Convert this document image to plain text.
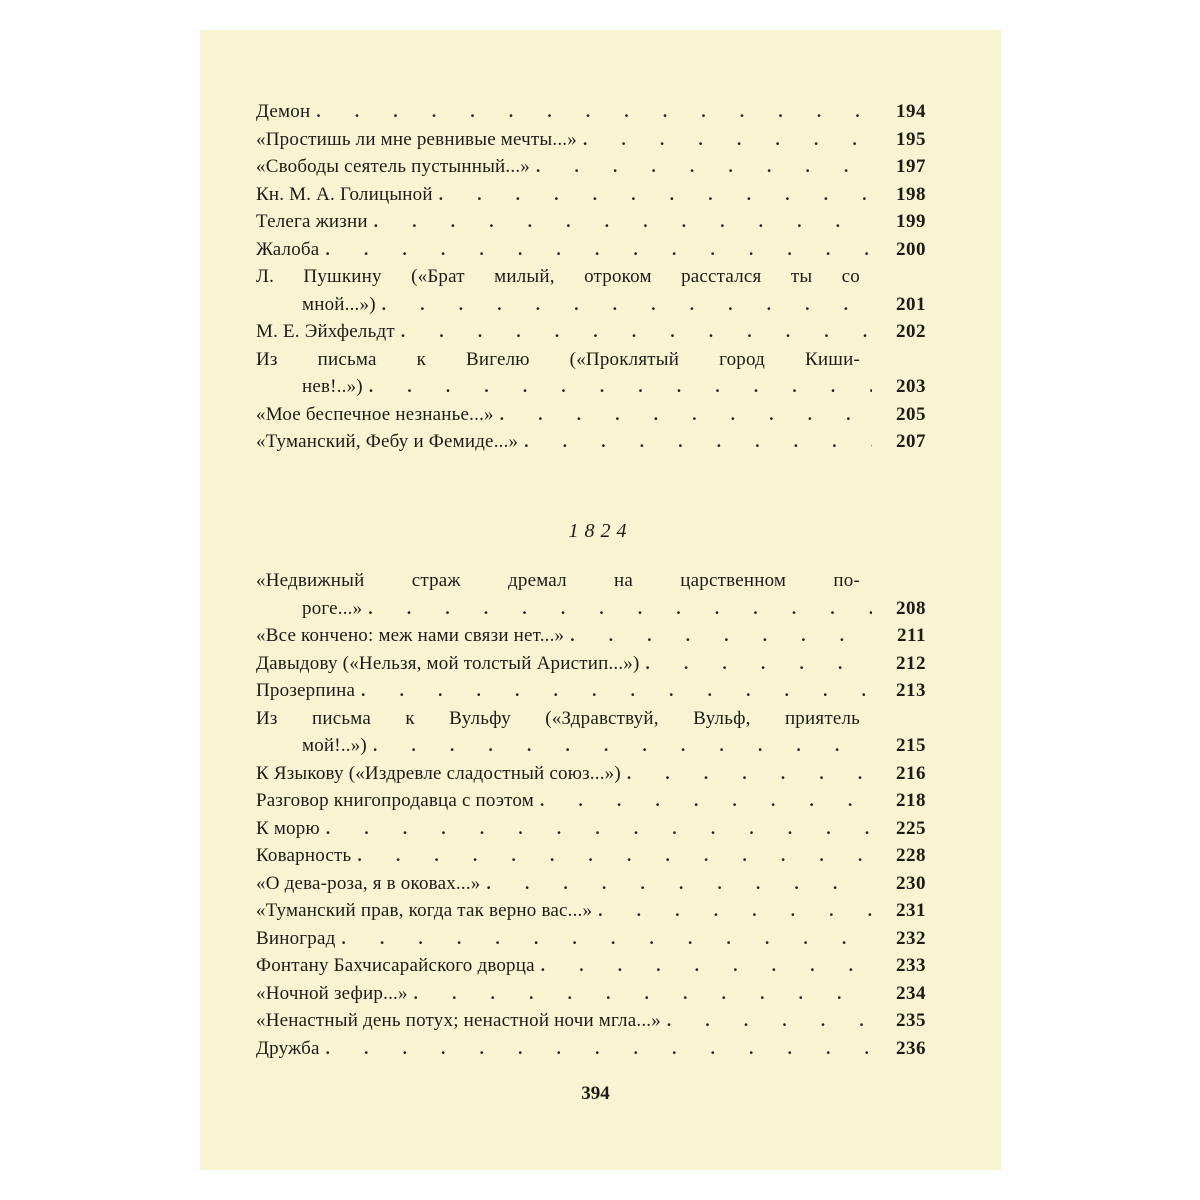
Демон . . .	194
«Простишь ли мне ревнивые мечты...» . . .	195
«Свободы сеятель пустынный...» . . .	197
Кн. М. А. Голицыной . . .	198
Телега жизни . . .	199
Жалоба . . .	200
Л. Пушкину («Брат милый, отроком расстался ты со
мной...») . . .	201
М. Е. Эйхфельдт . . .	202
Из письма к Вигелю («Проклятый город Киши-
нев!..») . . .	203
«Мое беспечное незнанье...» . . .	205
«Туманский, Фебу и Фемиде...» . . .	207
1824
«Недвижный страж дремал на царственном по-
роге...» . . .	208
«Все кончено: меж нами связи нет...» . . .	211
Давыдову («Нельзя, мой толстый Аристип...») . . .	212
Прозерпина . . .	213
Из письма к Вульфу («Здравствуй, Вульф, приятель
мой!..») . . .	215
К Языкову («Издревле сладостный союз...») . . .	216
Разговор книгопродавца с поэтом . . .	218
К морю . . .	225
Коварность . . .	228
«О дева-роза, я в оковах...» . . .	230
«Туманский прав, когда так верно вас...» . . .	231
Виноград . . .	232
Фонтану Бахчисарайского дворца . . .	233
«Ночной зефир...» . . .	234
«Ненастный день потух; ненастной ночи мгла...» . . .	235
Дружба . . .	236
394
